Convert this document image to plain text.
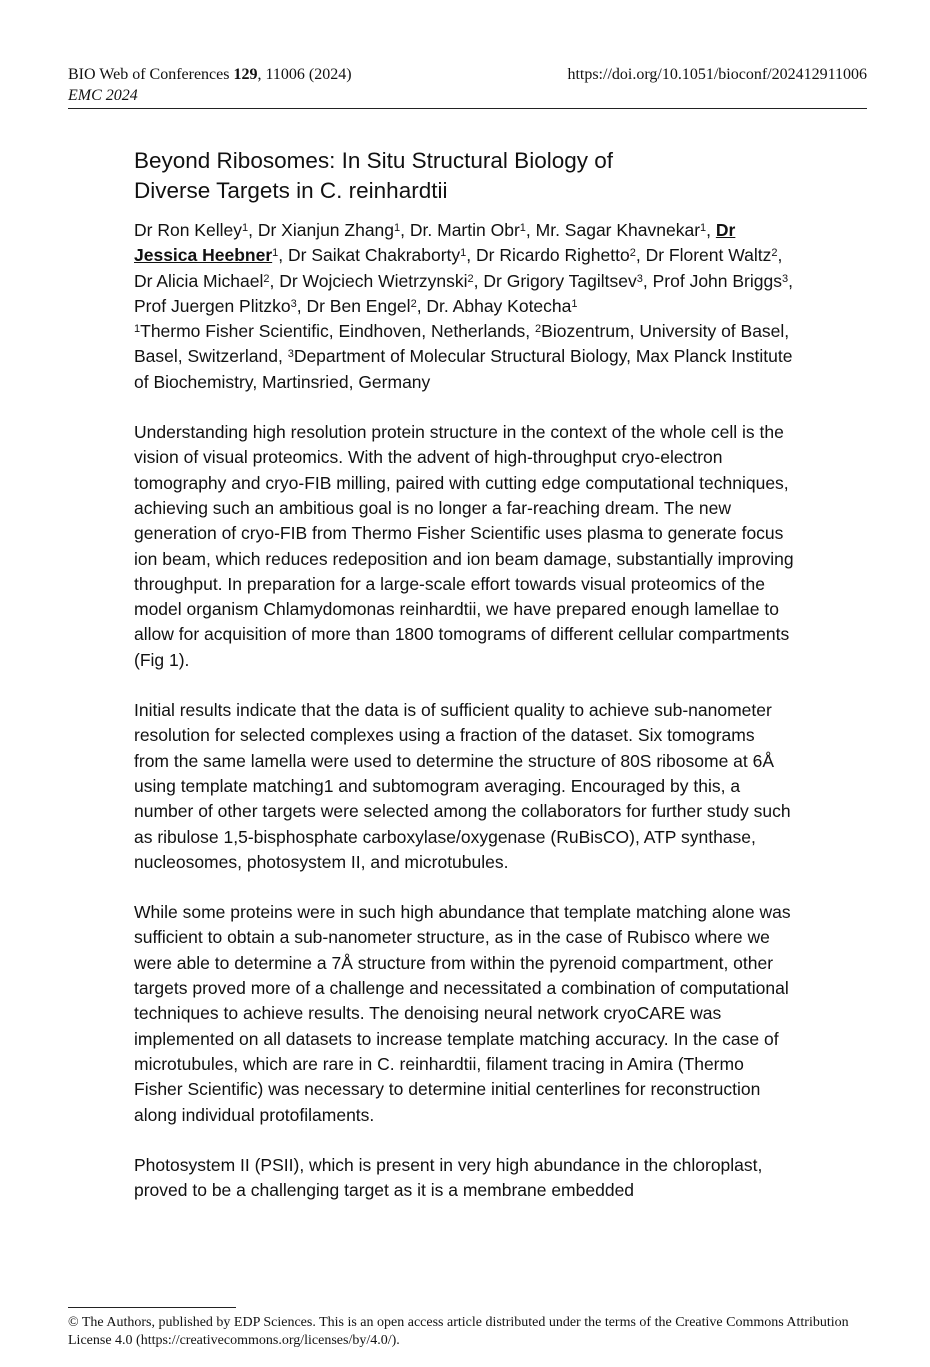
BIO Web of Conferences 129, 11006 (2024)
EMC 2024
https://doi.org/10.1051/bioconf/202412911006
Beyond Ribosomes: In Situ Structural Biology of
Diverse Targets in C. reinhardtii

Dr Ron Kelley$^1$, Dr Xianjun Zhang$^1$, Dr. Martin Obr$^1$, Mr. Sagar Khavnekar$^1$, Dr Jessica Heebner$^1$, Dr Saikat Chakraborty$^1$, Dr Ricardo Righetto$^2$, Dr Florent Waltz$^2$, Dr Alicia Michael$^2$, Dr Wojciech Wietrzynski$^2$, Dr Grigory Tagiltsev$^3$, Prof John Briggs$^3$, Prof Juergen Plitzko$^3$, Dr Ben Engel$^2$, Dr. Abhay Kotecha$^1$

$^1$Thermo Fisher Scientific, Eindhoven, Netherlands, $^2$Biozentrum, University of Basel, Basel, Switzerland, $^3$Department of Molecular Structural Biology, Max Planck Institute of Biochemistry, Martinsried, Germany

Understanding high resolution protein structure in the context of the whole cell is the vision of visual proteomics. With the advent of high-throughput cryo-electron tomography and cryo-FIB milling, paired with cutting edge computational techniques, achieving such an ambitious goal is no longer a far-reaching dream. The new generation of cryo-FIB from Thermo Fisher Scientific uses plasma to generate focus ion beam, which reduces redeposition and ion beam damage, substantially improving throughput. In preparation for a large-scale effort towards visual proteomics of the model organism Chlamydomonas reinhardtii, we have prepared enough lamellae to allow for acquisition of more than 1800 tomograms of different cellular compartments (Fig 1).

Initial results indicate that the data is of sufficient quality to achieve sub-nanometer resolution for selected complexes using a fraction of the dataset. Six tomograms from the same lamella were used to determine the structure of 80S ribosome at 6Å using template matching1 and subtomogram averaging. Encouraged by this, a number of other targets were selected among the collaborators for further study such as ribulose 1,5-bisphosphate carboxylase/oxygenase (RuBisCO), ATP synthase, nucleosomes, photosystem II, and microtubules.

While some proteins were in such high abundance that template matching alone was sufficient to obtain a sub-nanometer structure, as in the case of Rubisco where we were able to determine a 7Å structure from within the pyrenoid compartment, other targets proved more of a challenge and necessitated a combination of computational techniques to achieve results. The denoising neural network cryoCARE was implemented on all datasets to increase template matching accuracy. In the case of microtubules, which are rare in C. reinhardtii, filament tracing in Amira (Thermo Fisher Scientific) was necessary to determine initial centerlines for reconstruction along individual protofilaments.

Photosystem II (PSII), which is present in very high abundance in the chloroplast, proved to be a challenging target as it is a membrane embedded

© The Authors, published by EDP Sciences. This is an open access article distributed under the terms of the Creative Commons Attribution License 4.0 (https://creativecommons.org/licenses/by/4.0/).
